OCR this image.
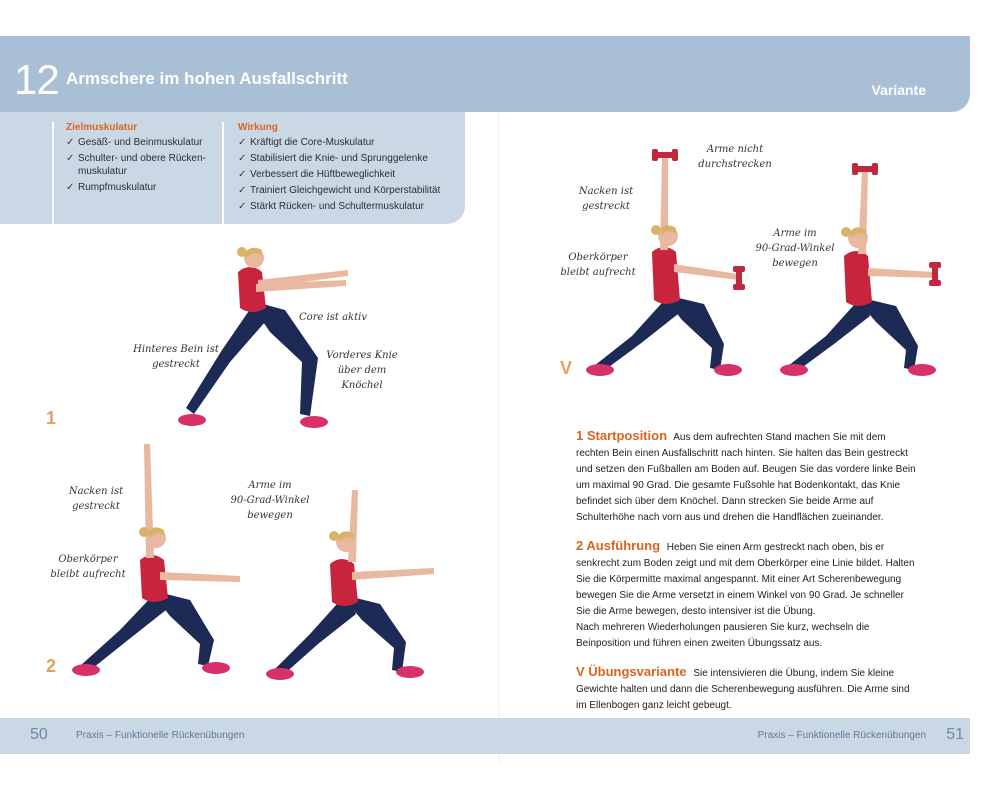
12 Armschere im hohen Ausfallschritt
Variante
Zielmuskulatur
✓ Gesäß- und Beinmuskulatur
✓ Schulter- und obere Rücken-
muskulatur
✓ Rumpfmuskulatur
Wirkung
✓ Kräftigt die Core-Muskulatur
✓ Stabilisiert die Knie- und Sprunggelenke
✓ Verbessert die Hüftbeweglichkeit
✓ Trainiert Gleichgewicht und Körperstabilität
✓ Stärkt Rücken- und Schultermuskulatur
Core ist aktiv
Hinteres Bein ist
gestreckt
Vorderes Knie
über dem
Knöchel
1
Nacken ist
gestreckt
Oberkörper
bleibt aufrecht
Arme im
90-Grad-Winkel
bewegen
2
Arme nicht
durchstrecken
Nacken ist
gestreckt
Oberkörper
bleibt aufrecht
Arme im
90-Grad-Winkel
bewegen
V

1 Startposition Aus dem aufrechten Stand machen Sie mit dem rechten Bein einen Ausfallschritt nach hinten. Sie halten das Bein gestreckt und setzen den Fußballen am Boden auf. Beugen Sie das vordere linke Bein um maximal 90 Grad. Die gesamte Fußsohle hat Bodenkontakt, das Knie befindet sich über dem Knöchel. Dann strecken Sie beide Arme auf Schulterhöhe nach vorn aus und drehen die Handflächen zueinander.

2 Ausführung Heben Sie einen Arm gestreckt nach oben, bis er senkrecht zum Boden zeigt und mit dem Oberkörper eine Linie bildet. Halten Sie die Körpermitte maximal angespannt. Mit einer Art Scherenbewegung bewegen Sie die Arme versetzt in einem Winkel von 90 Grad. Je schneller Sie die Arme bewegen, desto intensiver ist die Übung.

Nach mehreren Wiederholungen pausieren Sie kurz, wechseln die Beinposition und führen einen zweiten Übungssatz aus.

V Übungsvariante Sie intensivieren die Übung, indem Sie kleine Gewichte halten und dann die Scherenbewegung ausführen. Die Arme sind im Ellenbogen ganz leicht gebeugt.

50	Praxis – Funktionelle Rückenübungen	Praxis – Funktionelle Rückenübungen 51
